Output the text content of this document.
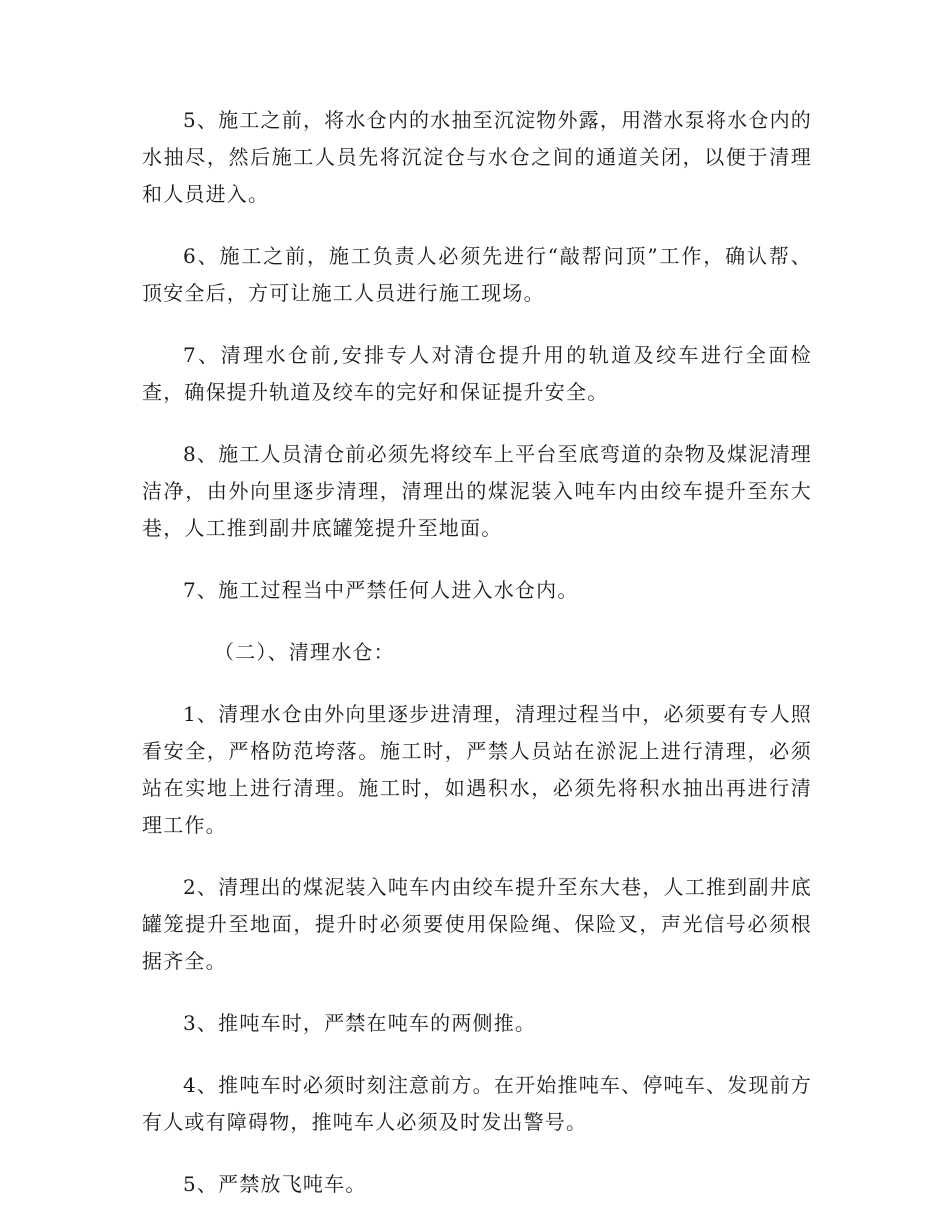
5、施工之前，将水仓内的水抽至沉淀物外露，用潜水泵将水仓内的水抽尽，然后施工人员先将沉淀仓与水仓之间的通道关闭，以便于清理和人员进入。

6、施工之前，施工负责人必须先进行“敲帮问顶”工作，确认帮、顶安全后，方可让施工人员进行施工现场。

7、清理水仓前,安排专人对清仓提升用的轨道及绞车进行全面检查，确保提升轨道及绞车的完好和保证提升安全。

8、施工人员清仓前必须先将绞车上平台至底弯道的杂物及煤泥清理洁净，由外向里逐步清理，清理出的煤泥装入吨车内由绞车提升至东大巷，人工推到副井底罐笼提升至地面。

7、施工过程当中严禁任何人进入水仓内。

（二）、清理水仓：

1、清理水仓由外向里逐步进清理，清理过程当中，必须要有专人照看安全，严格防范垮落。施工时，严禁人员站在淤泥上进行清理，必须站在实地上进行清理。施工时，如遇积水，必须先将积水抽出再进行清理工作。

2、清理出的煤泥装入吨车内由绞车提升至东大巷，人工推到副井底罐笼提升至地面，提升时必须要使用保险绳、保险叉，声光信号必须根据齐全。

3、推吨车时，严禁在吨车的两侧推。

4、推吨车时必须时刻注意前方。在开始推吨车、停吨车、发现前方有人或有障碍物，推吨车人必须及时发出警号。

5、严禁放飞吨车。
